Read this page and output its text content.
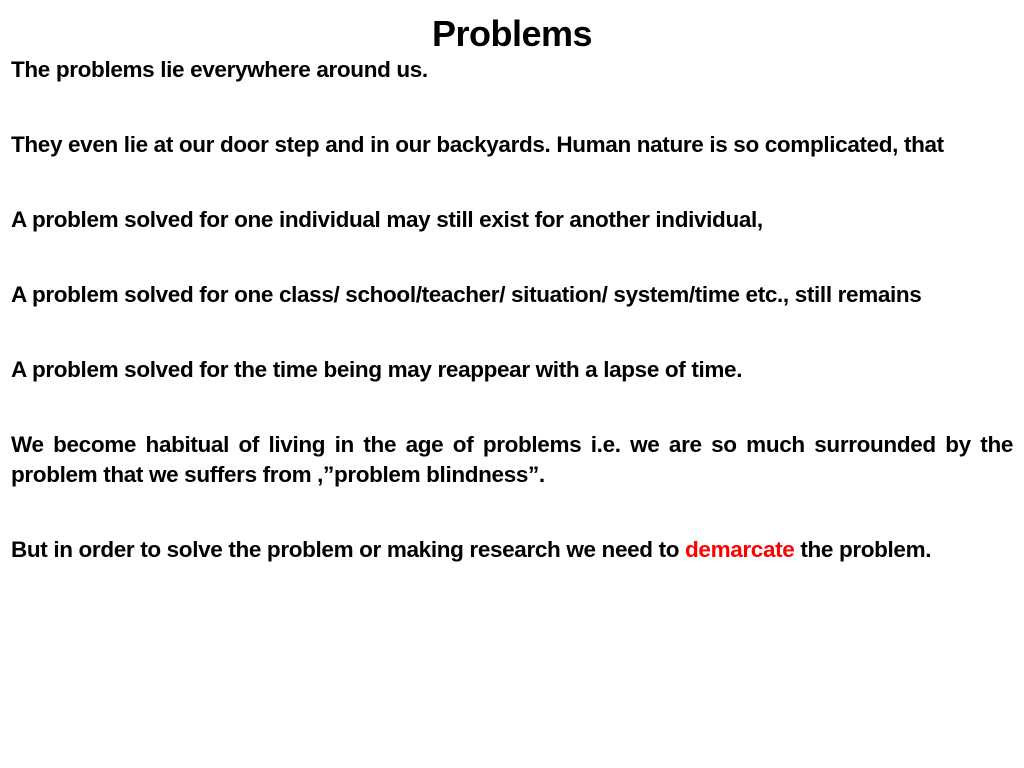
Problems

The problems lie everywhere around us.

They even lie at our door step and in our backyards. Human nature is so complicated, that

A problem solved for one individual may still exist for another individual,

A problem solved for one class/ school/teacher/ situation/ system/time etc., still remains

A problem solved for the time being may reappear with a lapse of time.

We become habitual of living in the age of problems i.e. we are so much surrounded by the problem that we suffers from ,”problem blindness”.

But in order to solve the problem or making research we need to demarcate the problem.
